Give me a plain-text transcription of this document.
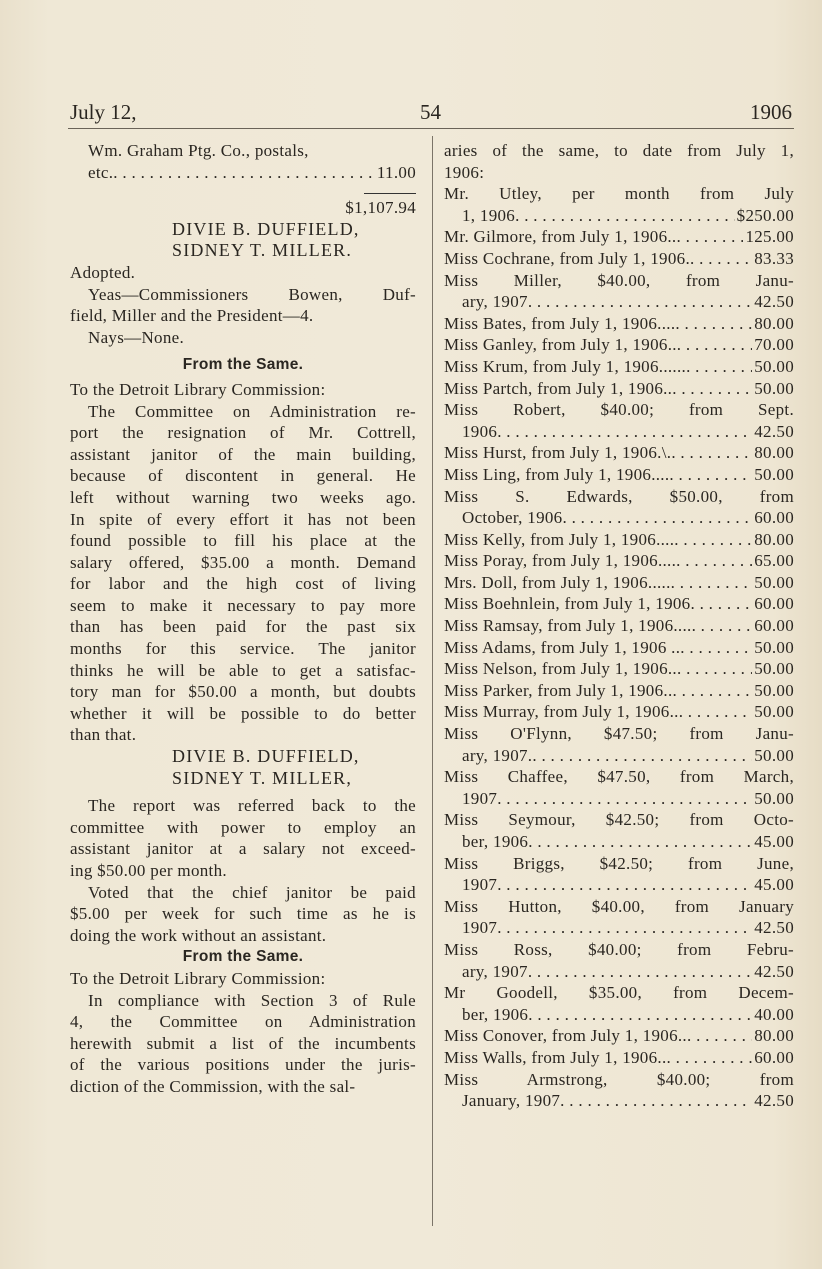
July 12,	54	1906
Wm. Graham Ptg. Co., postals,
etc. . . .	11.00
$1,107.94
DIVIE B. DUFFIELD,
SIDNEY T. MILLER.
Adopted.
Yeas—Commissioners Bowen, Duf-
field, Miller and the President—4.
Nays—None.
From the Same.
To the Detroit Library Commission:
The Committee on Administration re-
port the resignation of Mr. Cottrell,
assistant janitor of the main building,
because of discontent in general. He
left without warning two weeks ago.
In spite of every effort it has not been
found possible to fill his place at the
salary offered, $35.00 a month. Demand
for labor and the high cost of living
seem to make it necessary to pay more
than has been paid for the past six
months for this service. The janitor
thinks he will be able to get a satisfac-
tory man for $50.00 a month, but doubts
whether it will be possible to do better
than that.
DIVIE B. DUFFIELD,
SIDNEY T. MILLER,
The report was referred back to the
committee with power to employ an
assistant janitor at a salary not exceed-
ing $50.00 per month.
Voted that the chief janitor be paid
$5.00 per week for such time as he is
doing the work without an assistant.
From the Same.
To the Detroit Library Commission:
In compliance with Section 3 of Rule
4, the Committee on Administration
herewith submit a list of the incumbents
of the various positions under the juris-
diction of the Commission, with the sal-
aries of the same, to date from July 1,
1906:
Mr. Utley, per month from July
1, 1906 . . .	$250.00
Mr. Gilmore, from July 1, 1906.. . . .	125.00
Miss Cochrane, from July 1, 1906. . . .	83.33
Miss Miller, $40.00, from Janu-
ary, 1907 . . .	42.50
Miss Bates, from July 1, 1906.... . . .	80.00
Miss Ganley, from July 1, 1906.. . . .	70.00
Miss Krum, from July 1, 1906...... . . .	50.00
Miss Partch, from July 1, 1906.. . . .	50.00
Miss Robert, $40.00; from Sept.
1906 . . .	42.50
Miss Hurst, from July 1, 1906.\. . . .	80.00
Miss Ling, from July 1, 1906.... . . .	50.00
Miss S. Edwards, $50.00, from
October, 1906 . . .	60.00
Miss Kelly, from July 1, 1906.... . . .	80.00
Miss Poray, from July 1, 1906.... . . .	65.00
Mrs. Doll, from July 1, 1906..... . . .	50.00
Miss Boehnlein, from July 1, 1906 . . .	60.00
Miss Ramsay, from July 1, 1906.... . . .	60.00
Miss Adams, from July 1, 1906 .. . . .	50.00
Miss Nelson, from July 1, 1906.. . . .	50.00
Miss Parker, from July 1, 1906.. . . .	50.00
Miss Murray, from July 1, 1906.. . . .	50.00
Miss O'Flynn, $47.50; from Janu-
ary, 1907. . . .	50.00
Miss Chaffee, $47.50, from March,
1907 . . .	50.00
Miss Seymour, $42.50; from Octo-
ber, 1906 . . .	45.00
Miss Briggs, $42.50; from June,
1907 . . .	45.00
Miss Hutton, $40.00, from January
1907 . . .	42.50
Miss Ross, $40.00; from Febru-
ary, 1907 . . .	42.50
Mr Goodell, $35.00, from Decem-
ber, 1906 . . .	40.00
Miss Conover, from July 1, 1906.. . . .	80.00
Miss Walls, from July 1, 1906.. . . .	60.00
Miss Armstrong, $40.00; from
January, 1907 . . .	42.50
